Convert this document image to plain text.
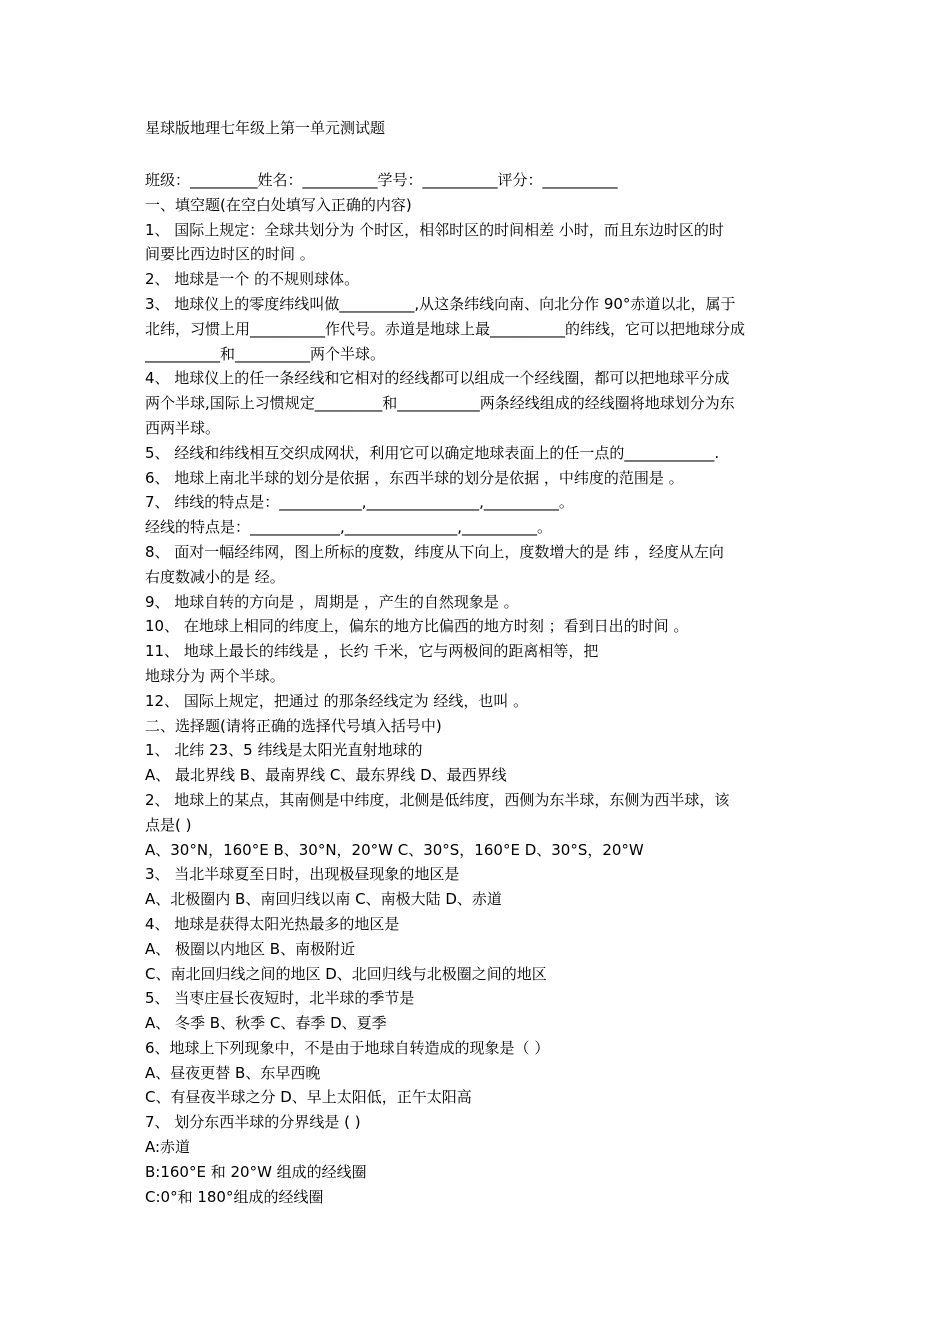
星球版地理七年级上第一单元测试题
班级：_________姓名：__________学号：__________评分：__________
一、填空题(在空白处填写入正确的内容)
1、 国际上规定：全球共划分为 个时区，相邻时区的时间相差 小时，而且东边时区的时
间要比西边时区的时间 。
2、 地球是一个 的不规则球体。
3、 地球仪上的零度纬线叫做__________,从这条纬线向南、向北分作 90°赤道以北，属于
北纬，习惯上用__________作代号。赤道是地球上最__________的纬线，它可以把地球分成
__________和__________两个半球。
4、 地球仪上的任一条经线和它相对的经线都可以组成一个经线圈，都可以把地球平分成
两个半球,国际上习惯规定_________和___________两条经线组成的经线圈将地球划分为东
西两半球。
5、 经线和纬线相互交织成网状，利用它可以确定地球表面上的任一点的____________.
6、 地球上南北半球的划分是依据 ，东西半球的划分是依据 ，中纬度的范围是 。
7、 纬线的特点是：___________,_______________,__________。
经线的特点是：____________,_______________,__________。
8、 面对一幅经纬网，图上所标的度数，纬度从下向上，度数增大的是 纬 ，经度从左向
右度数减小的是 经。
9、 地球自转的方向是 ，周期是 ，产生的自然现象是 。
10、 在地球上相同的纬度上，偏东的地方比偏西的地方时刻 ；看到日出的时间 。
11、 地球上最长的纬线是 ，长约 千米，它与两极间的距离相等，把
地球分为 两个半球。
12、 国际上规定，把通过 的那条经线定为 经线，也叫 。
二、选择题(请将正确的选择代号填入括号中)
1、 北纬 23、5 纬线是太阳光直射地球的
A、 最北界线 B、最南界线 C、最东界线 D、最西界线
2、 地球上的某点，其南侧是中纬度，北侧是低纬度，西侧为东半球，东侧为西半球，该
点是( )
A、30°N，160°E B、30°N，20°W C、30°S，160°E D、30°S，20°W
3、 当北半球夏至日时，出现极昼现象的地区是
A、北极圈内 B、南回归线以南 C、南极大陆 D、赤道
4、 地球是获得太阳光热最多的地区是
A、 极圈以内地区 B、南极附近
C、南北回归线之间的地区 D、北回归线与北极圈之间的地区
5、 当枣庄昼长夜短时，北半球的季节是
A、 冬季 B、秋季 C、春季 D、夏季
6、地球上下列现象中，不是由于地球自转造成的现象是（ ）
A、昼夜更替 B、东早西晚
C、有昼夜半球之分 D、早上太阳低，正午太阳高
7、 划分东西半球的分界线是 ( )
A:赤道
B:160°E 和 20°W 组成的经线圈
C:0°和 180°组成的经线圈
